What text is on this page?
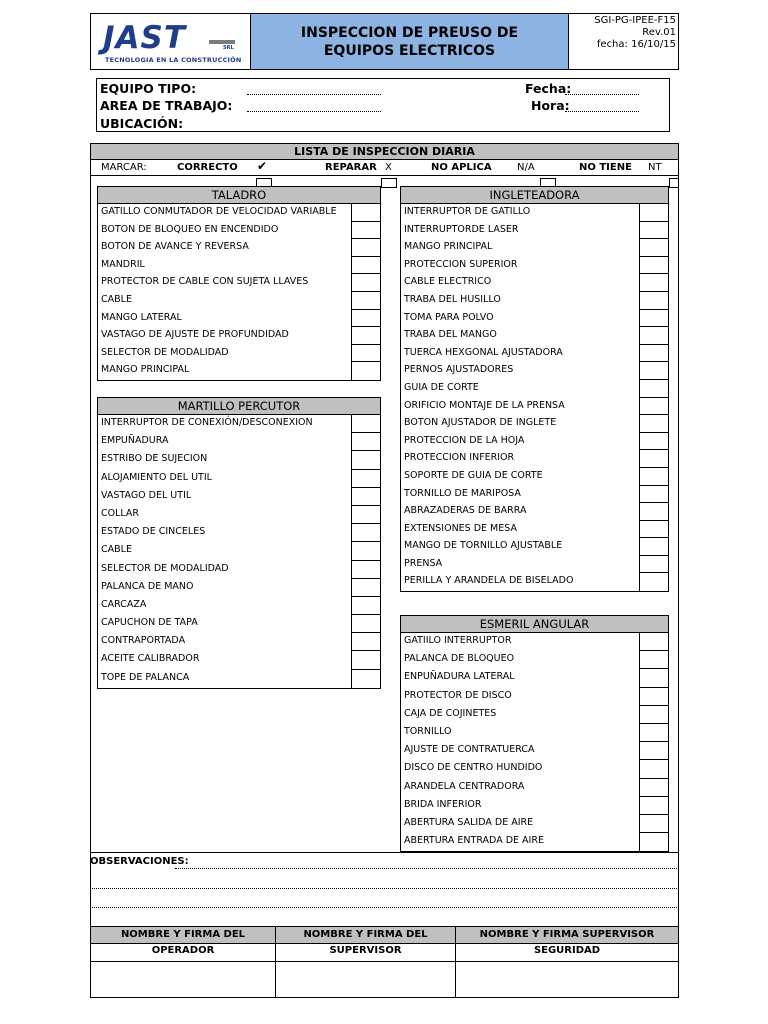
JAST	SRL
TECNOLOGIA EN LA CONSTRUCCIÓN
INSPECCION DE PREUSO DE
EQUIPOS ELECTRICOS
SGI-PG-IPEE-F15
Rev.01
fecha: 16/10/15
EQUIPO TIPO:
AREA DE TRABAJO:
UBICACIÓN:
Fecha:
Hora:
LISTA DE INSPECCION DIARIA
MARCAR:	CORRECTO ✔	REPARAR X	NO APLICA	N/A	NO TIENE NT
TALADRO
GATILLO CONMUTADOR DE VELOCIDAD VARIABLE
BOTON DE BLOQUEO EN ENCENDIDO
BOTON DE AVANCE Y REVERSA
MANDRIL
PROTECTOR DE CABLE CON SUJETA LLAVES
CABLE
MANGO LATERAL
VASTAGO DE AJUSTE DE PROFUNDIDAD
SELECTOR DE MODALIDAD
MANGO PRINCIPAL
MARTILLO PERCUTOR
INTERRUPTOR DE CONEXIÓN/DESCONEXION
EMPUÑADURA
ESTRIBO DE SUJECION
ALOJAMIENTO DEL UTIL
VASTAGO DEL UTIL
COLLAR
ESTADO DE CINCELES
CABLE
SELECTOR DE MODALIDAD
PALANCA DE MANO
CARCAZA
CAPUCHON DE TAPA
CONTRAPORTADA
ACEITE CALIBRADOR
TOPE DE PALANCA
INGLETEADORA
INTERRUPTOR DE GATILLO
INTERRUPTORDE LASER
MANGO PRINCIPAL
PROTECCION SUPERIOR
CABLE ELECTRICO
TRABA DEL HUSILLO
TOMA PARA POLVO
TRABA DEL MANGO
TUERCA HEXGONAL AJUSTADORA
PERNOS AJUSTADORES
GUIA DE CORTE
ORIFICIO MONTAJE DE LA PRENSA
BOTON AJUSTADOR DE INGLETE
PROTECCION DE LA HOJA
PROTECCION INFERIOR
SOPORTE DE GUIA DE CORTE
TORNILLO DE MARIPOSA
ABRAZADERAS DE BARRA
EXTENSIONES DE MESA
MANGO DE TORNILLO AJUSTABLE
PRENSA
PERILLA Y ARANDELA DE BISELADO
ESMERIL ANGULAR
GATIILO INTERRUPTOR
PALANCA DE BLOQUEO
ENPUÑADURA LATERAL
PROTECTOR DE DISCO
CAJA DE COJINETES
TORNILLO
AJUSTE DE CONTRATUERCA
DISCO DE CENTRO HUNDIDO
ARANDELA CENTRADORA
BRIDA INFERIOR
ABERTURA SALIDA DE AIRE
ABERTURA ENTRADA DE AIRE
OBSERVACIONES:
NOMBRE Y FIRMA DEL OPERADOR
NOMBRE Y FIRMA DEL SUPERVISOR
NOMBRE Y FIRMA SUPERVISOR SEGURIDAD
